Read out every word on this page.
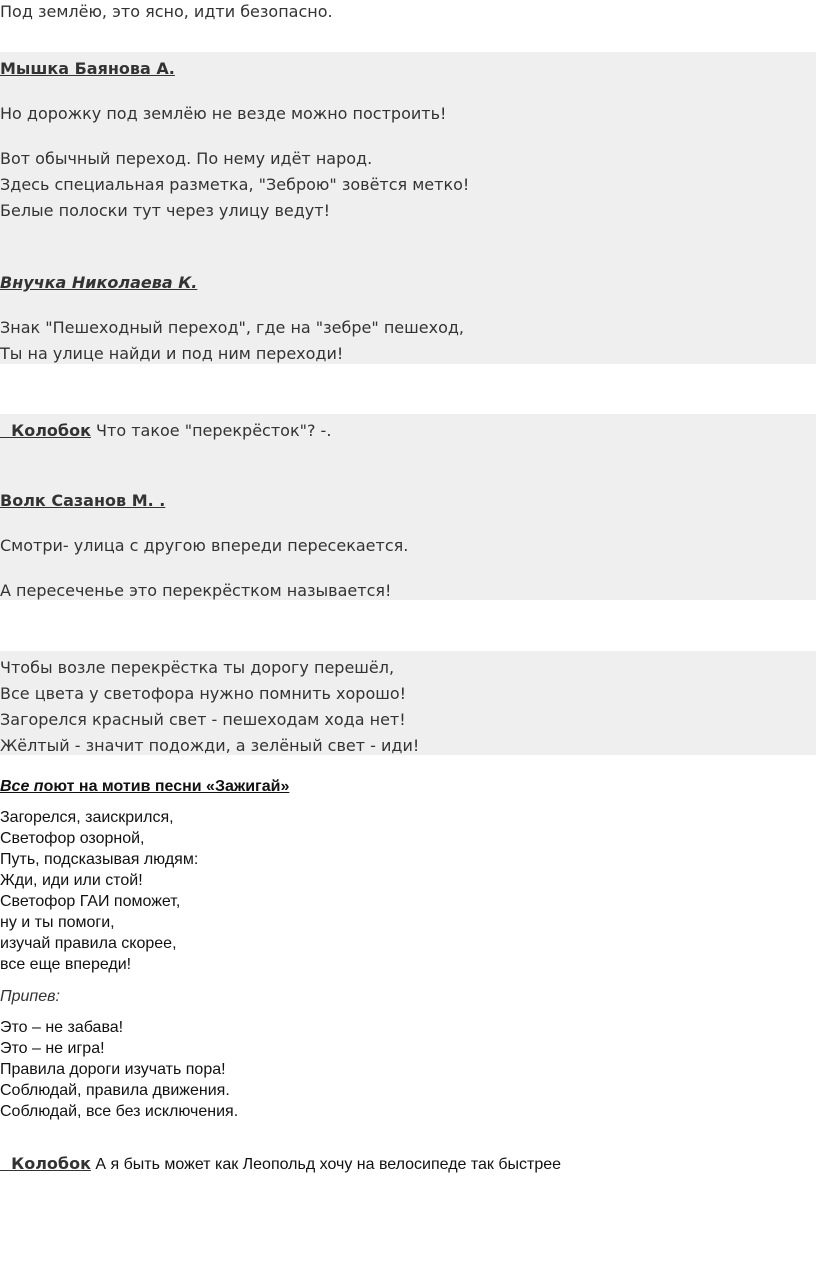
Под землёю, это ясно, идти безопасно.
Мышка Баянова А.
Но дорожку под землёю не везде можно построить!
Вот обычный переход. По нему идёт народ.
Здесь специальная разметка, "Зеброю" зовётся метко!
Белые полоски тут через улицу ведут!
Внучка Николаева К.
Знак "Пешеходный переход", где на "зебре" пешеход,
Ты на улице найди и под ним переходи!
Колобок Что такое "перекрёсток"? -.
Волк Сазанов М. .
Смотри- улица с другою впереди пересекается.
А пересеченье это перекрёстком называется!
Чтобы возле перекрёстка ты дорогу перешёл,
Все цвета у светофора нужно помнить хорошо!
Загорелся красный свет - пешеходам хода нет!
Жёлтый - значит подожди, а зелёный свет - иди!
Все поют на мотив песни «Зажигай»
Загорелся, заискрился,
Светофор озорной,
Путь, подсказывая людям:
Жди, иди или стой!
Светофор ГАИ поможет,
ну и ты помоги,
изучай правила скорее,
все еще впереди!
Припев:
Это – не забава!
Это – не игра!
Правила дороги изучать пора!
Соблюдай, правила движения.
Соблюдай, все без исключения.
Колобок А я быть может как Леопольд хочу на велосипеде так быстрее
